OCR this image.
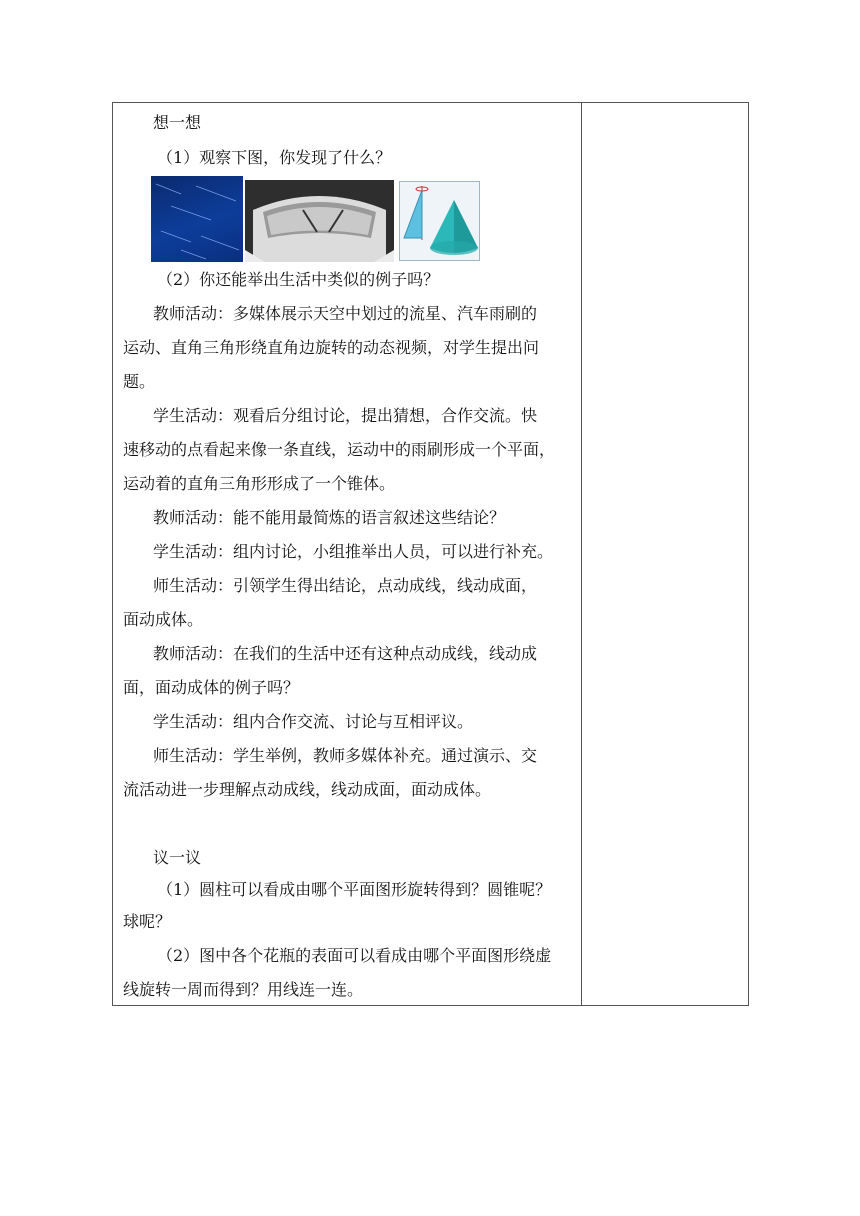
想一想
（1）观察下图，你发现了什么？
（2）你还能举出生活中类似的例子吗？
教师活动：多媒体展示天空中划过的流星、汽车雨刷的
运动、直角三角形绕直角边旋转的动态视频，对学生提出问
题。
学生活动：观看后分组讨论，提出猜想，合作交流。快
速移动的点看起来像一条直线，运动中的雨刷形成一个平面，
运动着的直角三角形形成了一个锥体。
教师活动：能不能用最简炼的语言叙述这些结论？
学生活动：组内讨论，小组推举出人员，可以进行补充。
师生活动：引领学生得出结论，点动成线，线动成面，
面动成体。
教师活动：在我们的生活中还有这种点动成线，线动成
面，面动成体的例子吗？
学生活动：组内合作交流、讨论与互相评议。
师生活动：学生举例，教师多媒体补充。通过演示、交
流活动进一步理解点动成线，线动成面，面动成体。
议一议
（1）圆柱可以看成由哪个平面图形旋转得到？圆锥呢？
球呢？
（2）图中各个花瓶的表面可以看成由哪个平面图形绕虚
线旋转一周而得到？用线连一连。
